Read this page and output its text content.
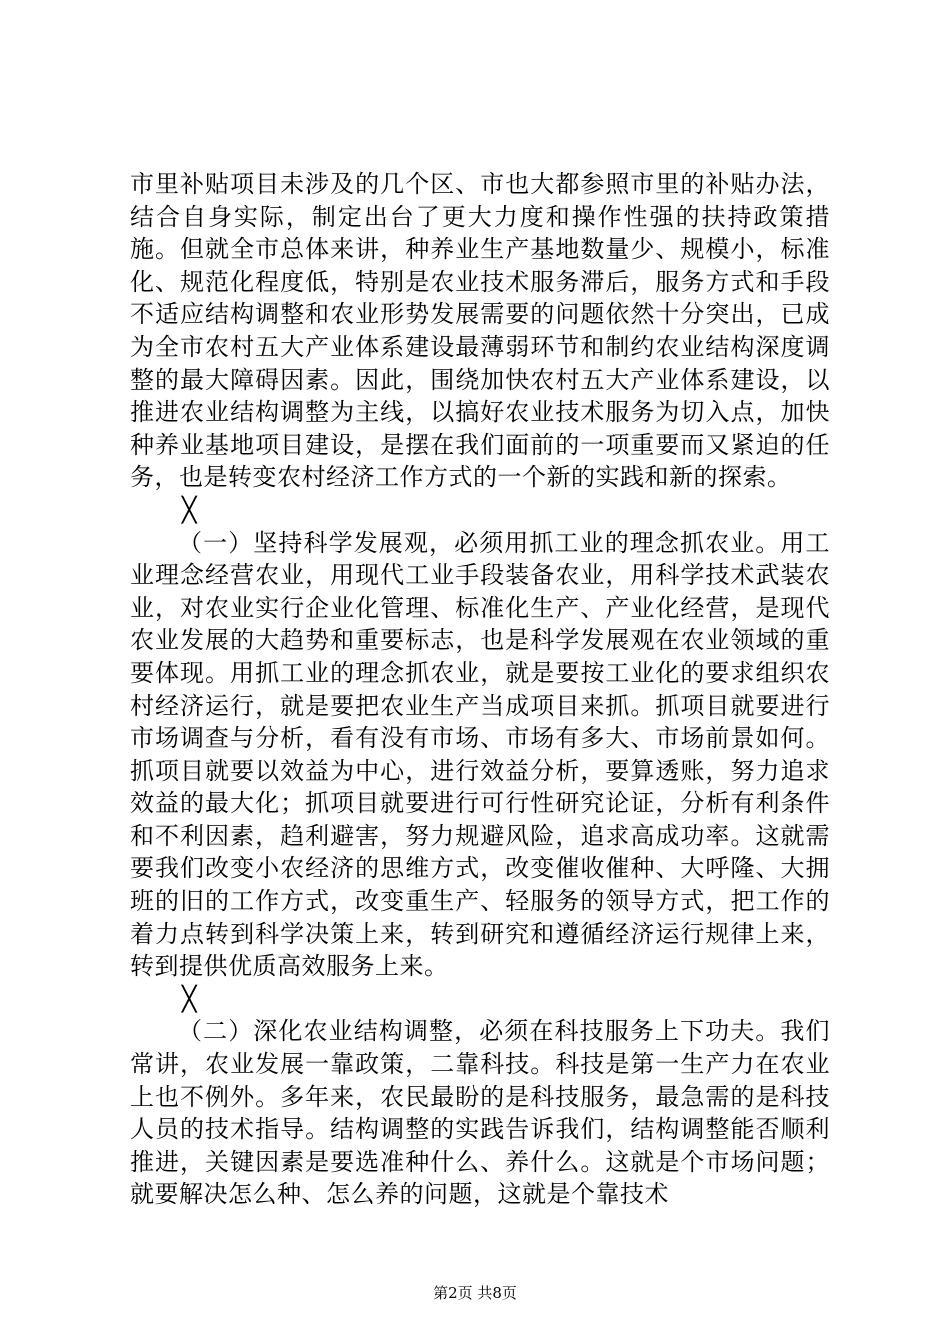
市里补贴项目未涉及的几个区、市也大都参照市里的补贴办法，结合自身实际，制定出台了更大力度和操作性强的扶持政策措施。但就全市总体来讲，种养业生产基地数量少、规模小，标准化、规范化程度低，特别是农业技术服务滞后，服务方式和手段不适应结构调整和农业形势发展需要的问题依然十分突出，已成为全市农村五大产业体系建设最薄弱环节和制约农业结构深度调整的最大障碍因素。因此，围绕加快农村五大产业体系建设，以推进农业结构调整为主线，以搞好农业技术服务为切入点，加快种养业基地项目建设，是摆在我们面前的一项重要而又紧迫的任务，也是转变农村经济工作方式的一个新的实践和新的探索。

╳

（一）坚持科学发展观，必须用抓工业的理念抓农业。用工业理念经营农业，用现代工业手段装备农业，用科学技术武装农业，对农业实行企业化管理、标准化生产、产业化经营，是现代农业发展的大趋势和重要标志，也是科学发展观在农业领域的重要体现。用抓工业的理念抓农业，就是要按工业化的要求组织农村经济运行，就是要把农业生产当成项目来抓。抓项目就要进行市场调查与分析，看有没有市场、市场有多大、市场前景如何。抓项目就要以效益为中心，进行效益分析，要算透账，努力追求效益的最大化；抓项目就要进行可行性研究论证，分析有利条件和不利因素，趋利避害，努力规避风险，追求高成功率。这就需要我们改变小农经济的思维方式，改变催收催种、大呼隆、大拥班的旧的工作方式，改变重生产、轻服务的领导方式，把工作的着力点转到科学决策上来，转到研究和遵循经济运行规律上来，转到提供优质高效服务上来。

╳

（二）深化农业结构调整，必须在科技服务上下功夫。我们常讲，农业发展一靠政策，二靠科技。科技是第一生产力在农业上也不例外。多年来，农民最盼的是科技服务，最急需的是科技人员的技术指导。结构调整的实践告诉我们，结构调整能否顺利推进，关键因素是要选准种什么、养什么。这就是个市场问题；就要解决怎么种、怎么养的问题，这就是个靠技术

第2页 共8页
